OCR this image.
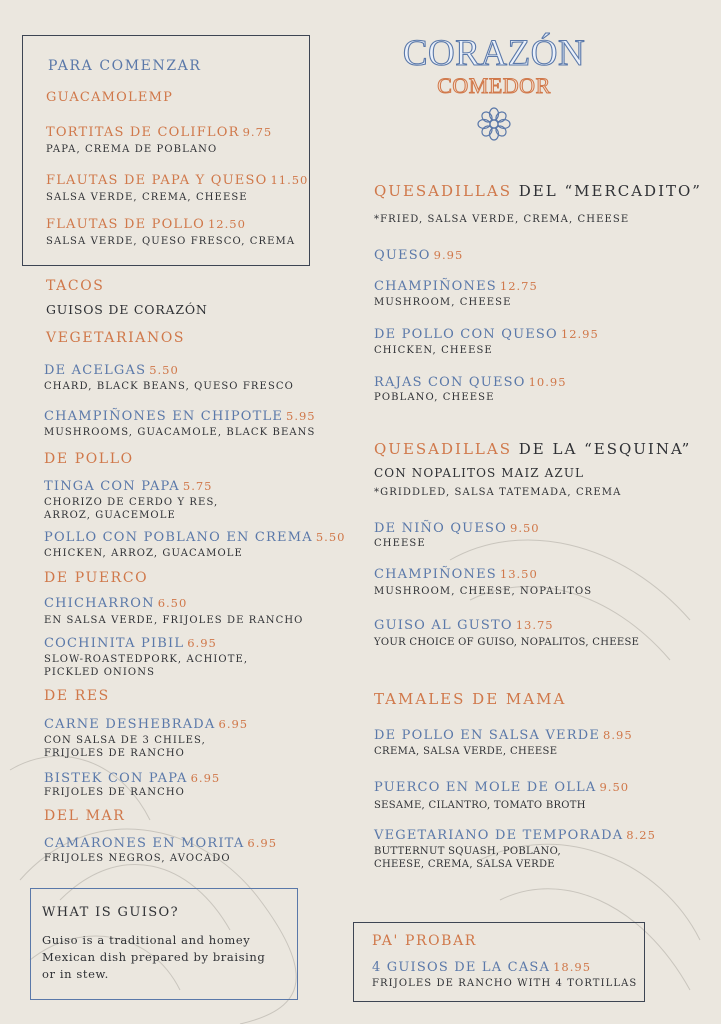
PARA COMENZAR
GUACAMOLEMP
TORTITAS DE COLIFLOR 9.75
PAPA, CREMA DE POBLANO
FLAUTAS DE PAPA Y QUESO 11.50
SALSA VERDE, CREMA, CHEESE
FLAUTAS DE POLLO 12.50
SALSA VERDE, QUESO FRESCO, CREMA
TACOS
GUISOS DE CORAZÓN
VEGETARIANOS
DE ACELGAS 5.50
CHARD, BLACK BEANS, QUESO FRESCO
CHAMPIÑONES EN CHIPOTLE 5.95
MUSHROOMS, GUACAMOLE, BLACK BEANS
DE POLLO
TINGA CON PAPA 5.75
CHORIZO DE CERDO Y RES,
ARROZ, GUACEMOLE
POLLO CON POBLANO EN CREMA 5.50
CHICKEN, ARROZ, GUACAMOLE
DE PUERCO
CHICHARRON 6.50
EN SALSA VERDE, FRIJOLES DE RANCHO
COCHINITA PIBIL 6.95
SLOW-ROASTEDPORK, ACHIOTE,
PICKLED ONIONS
DE RES
CARNE DESHEBRADA 6.95
CON SALSA DE 3 CHILES,
FRIJOLES DE RANCHO
BISTEK CON PAPA 6.95
FRIJOLES DE RANCHO
DEL MAR
CAMARONES EN MORITA 6.95
FRIJOLES NEGROS, AVOCADO
WHAT IS GUISO?
Guiso is a traditional and homey
Mexican dish prepared by braising
or in stew.
CORAZÓN
COMEDOR
QUESADILLAS DEL “MERCADITO”
*FRIED, SALSA VERDE, CREMA, CHEESE
QUESO 9.95
CHAMPIÑONES 12.75
MUSHROOM, CHEESE
DE POLLO CON QUESO 12.95
CHICKEN, CHEESE
RAJAS CON QUESO 10.95
POBLANO, CHEESE
QUESADILLAS DE LA “ESQUINA”
CON NOPALITOS MAIZ AZUL
*GRIDDLED, SALSA TATEMADA, CREMA
DE NIÑO QUESO 9.50
CHEESE
CHAMPIÑONES 13.50
MUSHROOM, CHEESE, NOPALITOS
GUISO AL GUSTO 13.75
YOUR CHOICE OF GUISO, NOPALITOS, CHEESE
TAMALES DE MAMA
DE POLLO EN SALSA VERDE 8.95
CREMA, SALSA VERDE, CHEESE
PUERCO EN MOLE DE OLLA 9.50
SESAME, CILANTRO, TOMATO BROTH
VEGETARIANO DE TEMPORADA 8.25
BUTTERNUT SQUASH, POBLANO,
CHEESE, CREMA, SALSA VERDE
PA' PROBAR
4 GUISOS DE LA CASA 18.95
FRIJOLES DE RANCHO WITH 4 TORTILLAS
